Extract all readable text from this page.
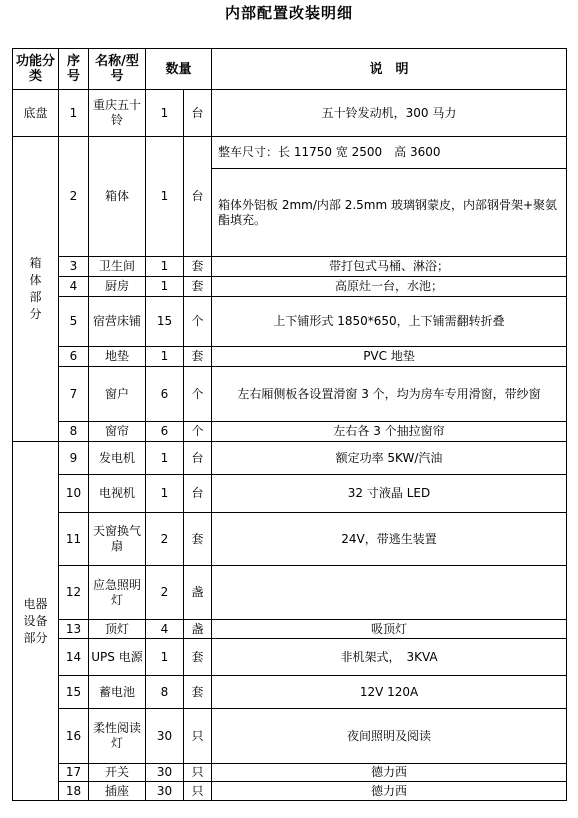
内部配置改装明细
功能分类	序号	名称/型号	数量		说　明
底盘	1	重庆五十铃	1	台	五十铃发动机，300 马力

箱体部分	2	箱体	1	台	整车尺寸：长 11750 宽 2500　高 3600
					箱体外铝板 2mm/内部 2.5mm 玻璃钢蒙皮，内部钢骨架+聚氨酯填充。
	3	卫生间	1	套	带打包式马桶、淋浴；
	4	厨房	1	套	高原灶一台，水池；
	5	宿营床铺	15	个	上下铺形式 1850*650，上下铺需翻转折叠
	6	地垫	1	套	PVC 地垫
	7	窗户	6	个	左右厢侧板各设置滑窗 3 个，均为房车专用滑窗，带纱窗
	8	窗帘	6	个	左右各 3 个抽拉窗帘

电器设备部分	9	发电机	1	台	额定功率 5KW/汽油
	10	电视机	1	台	32 寸液晶 LED
	11	天窗换气扇	2	套	24V，带逃生装置
	12	应急照明灯	2	盏	
	13	顶灯	4	盏	吸顶灯
	14	UPS 电源	1	套	非机架式，　3KVA
	15	蓄电池	8	套	12V 120A
	16	柔性阅读灯	30	只	夜间照明及阅读
	17	开关	30	只	德力西
	18	插座	30	只	德力西
